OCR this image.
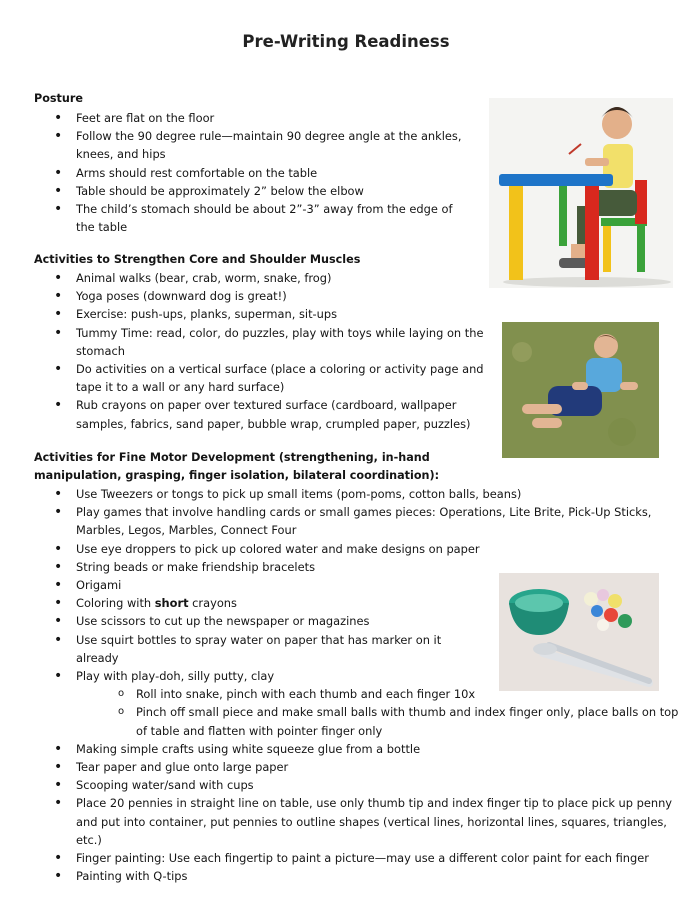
Pre-Writing Readiness
Posture
• Feet are flat on the floor
• Follow the 90 degree rule—maintain 90 degree angle at the ankles, knees, and hips
• Arms should rest comfortable on the table
• Table should be approximately 2” below the elbow
• The child’s stomach should be about 2”-3” away from the edge of the table
Activities to Strengthen Core and Shoulder Muscles
• Animal walks (bear, crab, worm, snake, frog)
• Yoga poses (downward dog is great!)
• Exercise: push-ups, planks, superman, sit-ups
• Tummy Time: read, color, do puzzles, play with toys while laying on the stomach
• Do activities on a vertical surface (place a coloring or activity page and tape it to a wall or any hard surface)
• Rub crayons on paper over textured surface (cardboard, wallpaper samples, fabrics, sand paper, bubble wrap, crumpled paper, puzzles)
Activities for Fine Motor Development (strengthening, in-hand manipulation, grasping, finger isolation, bilateral coordination):
• Use Tweezers or tongs to pick up small items (pom-poms, cotton balls, beans)
• Play games that involve handling cards or small games pieces: Operations, Lite Brite, Pick-Up Sticks, Marbles, Legos, Marbles, Connect Four
• Use eye droppers to pick up colored water and make designs on paper
• String beads or make friendship bracelets
• Origami
• Coloring with short crayons
• Use scissors to cut up the newspaper or magazines
• Use squirt bottles to spray water on paper that has marker on it already
• Play with play-doh, silly putty, clay
o Roll into snake, pinch with each thumb and each finger 10x
o Pinch off small piece and make small balls with thumb and index finger only, place balls on top of table and flatten with pointer finger only
• Making simple crafts using white squeeze glue from a bottle
• Tear paper and glue onto large paper
• Scooping water/sand with cups
• Place 20 pennies in straight line on table, use only thumb tip and index finger tip to place pick up penny and put into container, put pennies to outline shapes (vertical lines, horizontal lines, squares, triangles, etc.)
• Finger painting: Use each fingertip to paint a picture—may use a different color paint for each finger
• Painting with Q-tips
